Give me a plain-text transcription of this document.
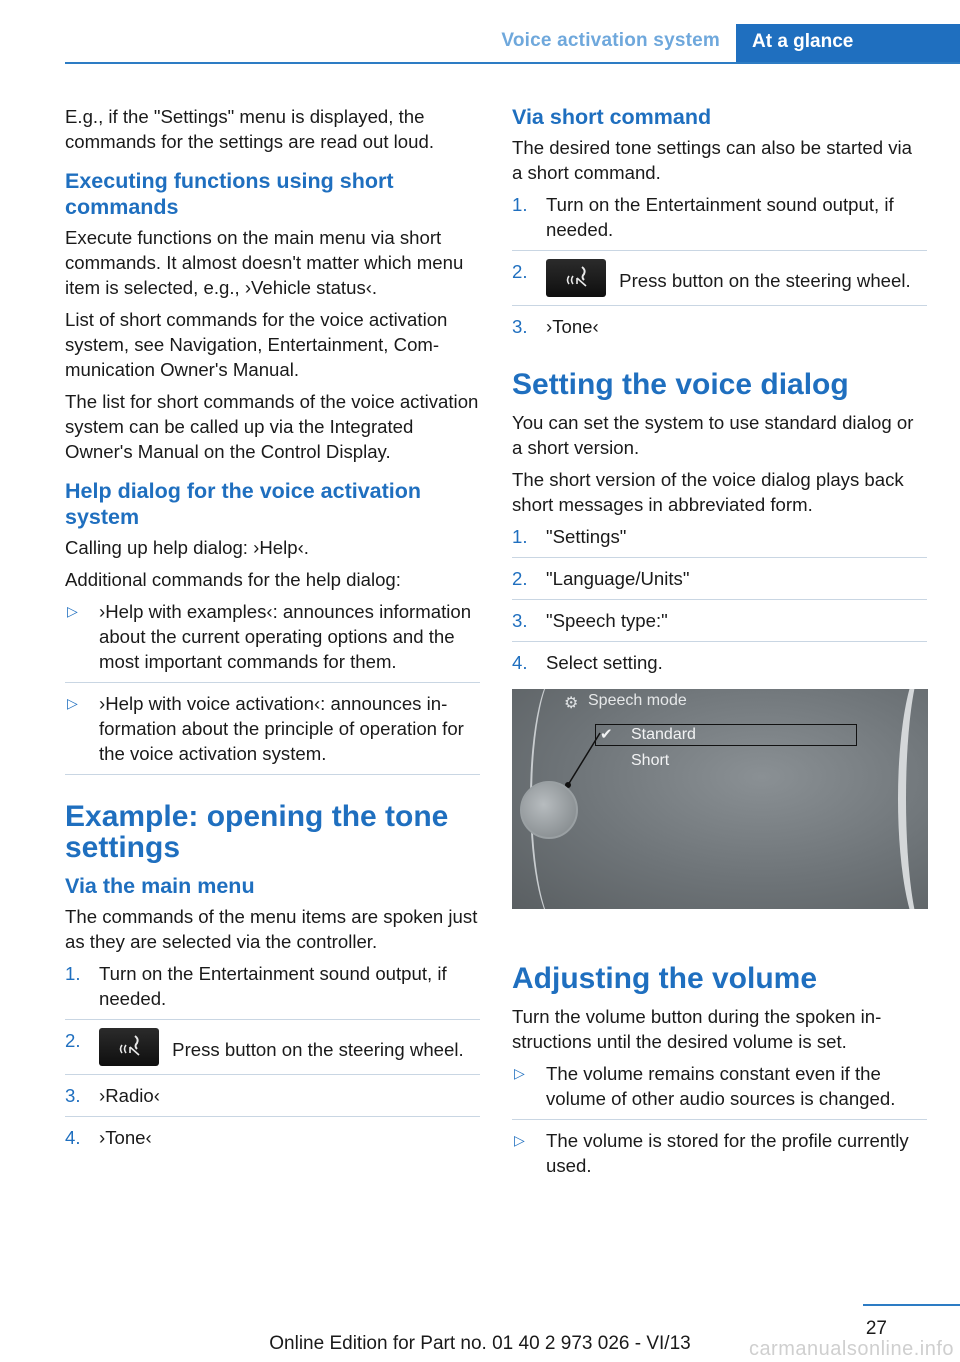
Voice activation system	At a glance

E.g., if the "Settings" menu is displayed, the commands for the settings are read out loud.

Executing functions using short commands

Execute functions on the main menu via short commands. It almost doesn't matter which menu item is selected, e.g., ›Vehicle status‹.

List of short commands for the voice activation system, see Navigation, Entertainment, Communication Owner's Manual.

The list for short commands of the voice activation system can be called up via the Integrated Owner's Manual on the Control Display.

Help dialog for the voice activation system

Calling up help dialog: ›Help‹.

Additional commands for the help dialog:

▷ ›Help with examples‹: announces information about the current operating options and the most important commands for them.
▷ ›Help with voice activation‹: announces information about the principle of operation for the voice activation system.
Example: opening the tone settings
Via the main menu

The commands of the menu items are spoken just as they are selected via the controller.

1. Turn on the Entertainment sound output, if needed.
2.	Press button on the steering wheel.
3. ›Radio‹
4. ›Tone‹
Via short command

The desired tone settings can also be started via a short command.

1. Turn on the Entertainment sound output, if needed.
2.	Press button on the steering wheel.
3. ›Tone‹
Setting the voice dialog

You can set the system to use standard dialog or a short version.

The short version of the voice dialog plays back short messages in abbreviated form.

1. "Settings"
2. "Language/Units"
3. "Speech type:"
4. Select setting.
⚙ Speech mode
✔ Standard
Short
Adjusting the volume

Turn the volume button during the spoken instructions until the desired volume is set.

▷ The volume remains constant even if the volume of other audio sources is changed.
▷ The volume is stored for the profile currently used.
27
Online Edition for Part no. 01 40 2 973 026 - VI/13	carmanualsonline.info
